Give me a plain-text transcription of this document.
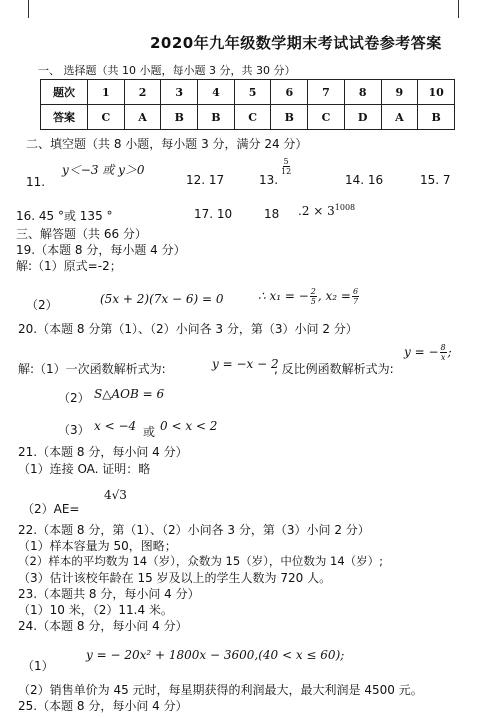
2020年九年级数学期末考试试卷参考答案
一、 选择题（共 10 小题，每小题 3 分，共 30 分）
题次	1	2	3	4	5	6	7	8	9	10
答案	C	A	B	B	C	B	C	D	A	B
二、填空题（共 8 小题，每小题 3 分，满分 24 分）
11.
y＜−3 或 y＞0
12. 17	13.
$\frac{5}{12}$
14. 16	15. 7
16. 45 °或 135 °	17. 10	18 $.2 \times 3^{1008}$
三、解答题（共 66 分）
19.（本题 8 分，每小题 4 分）
解:（1）原式=-2；
（2）	(5x + 2)(7x − 6) = 0	∴ x₁ = − $\frac{2}{5}$ , $x_2 = \frac{6}{7}$
20.（本题 8 分第（1）、（2）小问各 3 分，第（3）小问 2 分）
解:（1）一次函数解析式为:	y = −x − 2
, 反比例函数解析式为:
y = − $\frac{8}{x}$ ;
（2） S△AOB = 6
（3） x < −4 或 0 < x < 2
21.（本题 8 分，每小问 4 分）
（1）连接 OA. 证明：略
（2）AE=
4√3
22.（本题 8 分，第（1）、（2）小问各 3 分，第（3）小问 2 分）
（1）样本容量为 50，图略；
（2）样本的平均数为 14（岁），众数为 15（岁），中位数为 14（岁）;
（3）估计该校年龄在 15 岁及以上的学生人数为 720 人。
23.（本题共 8 分，每小问 4 分）
（1）10 米，（2）11.4 米。
24.（本题 8 分，每小问 4 分）
（1）
y = − 20x² + 1800x − 3600,(40 < x ≤ 60);
（2）销售单价为 45 元时，每星期获得的利润最大，最大利润是 4500 元。
25.（本题 8 分，每小问 4 分）
